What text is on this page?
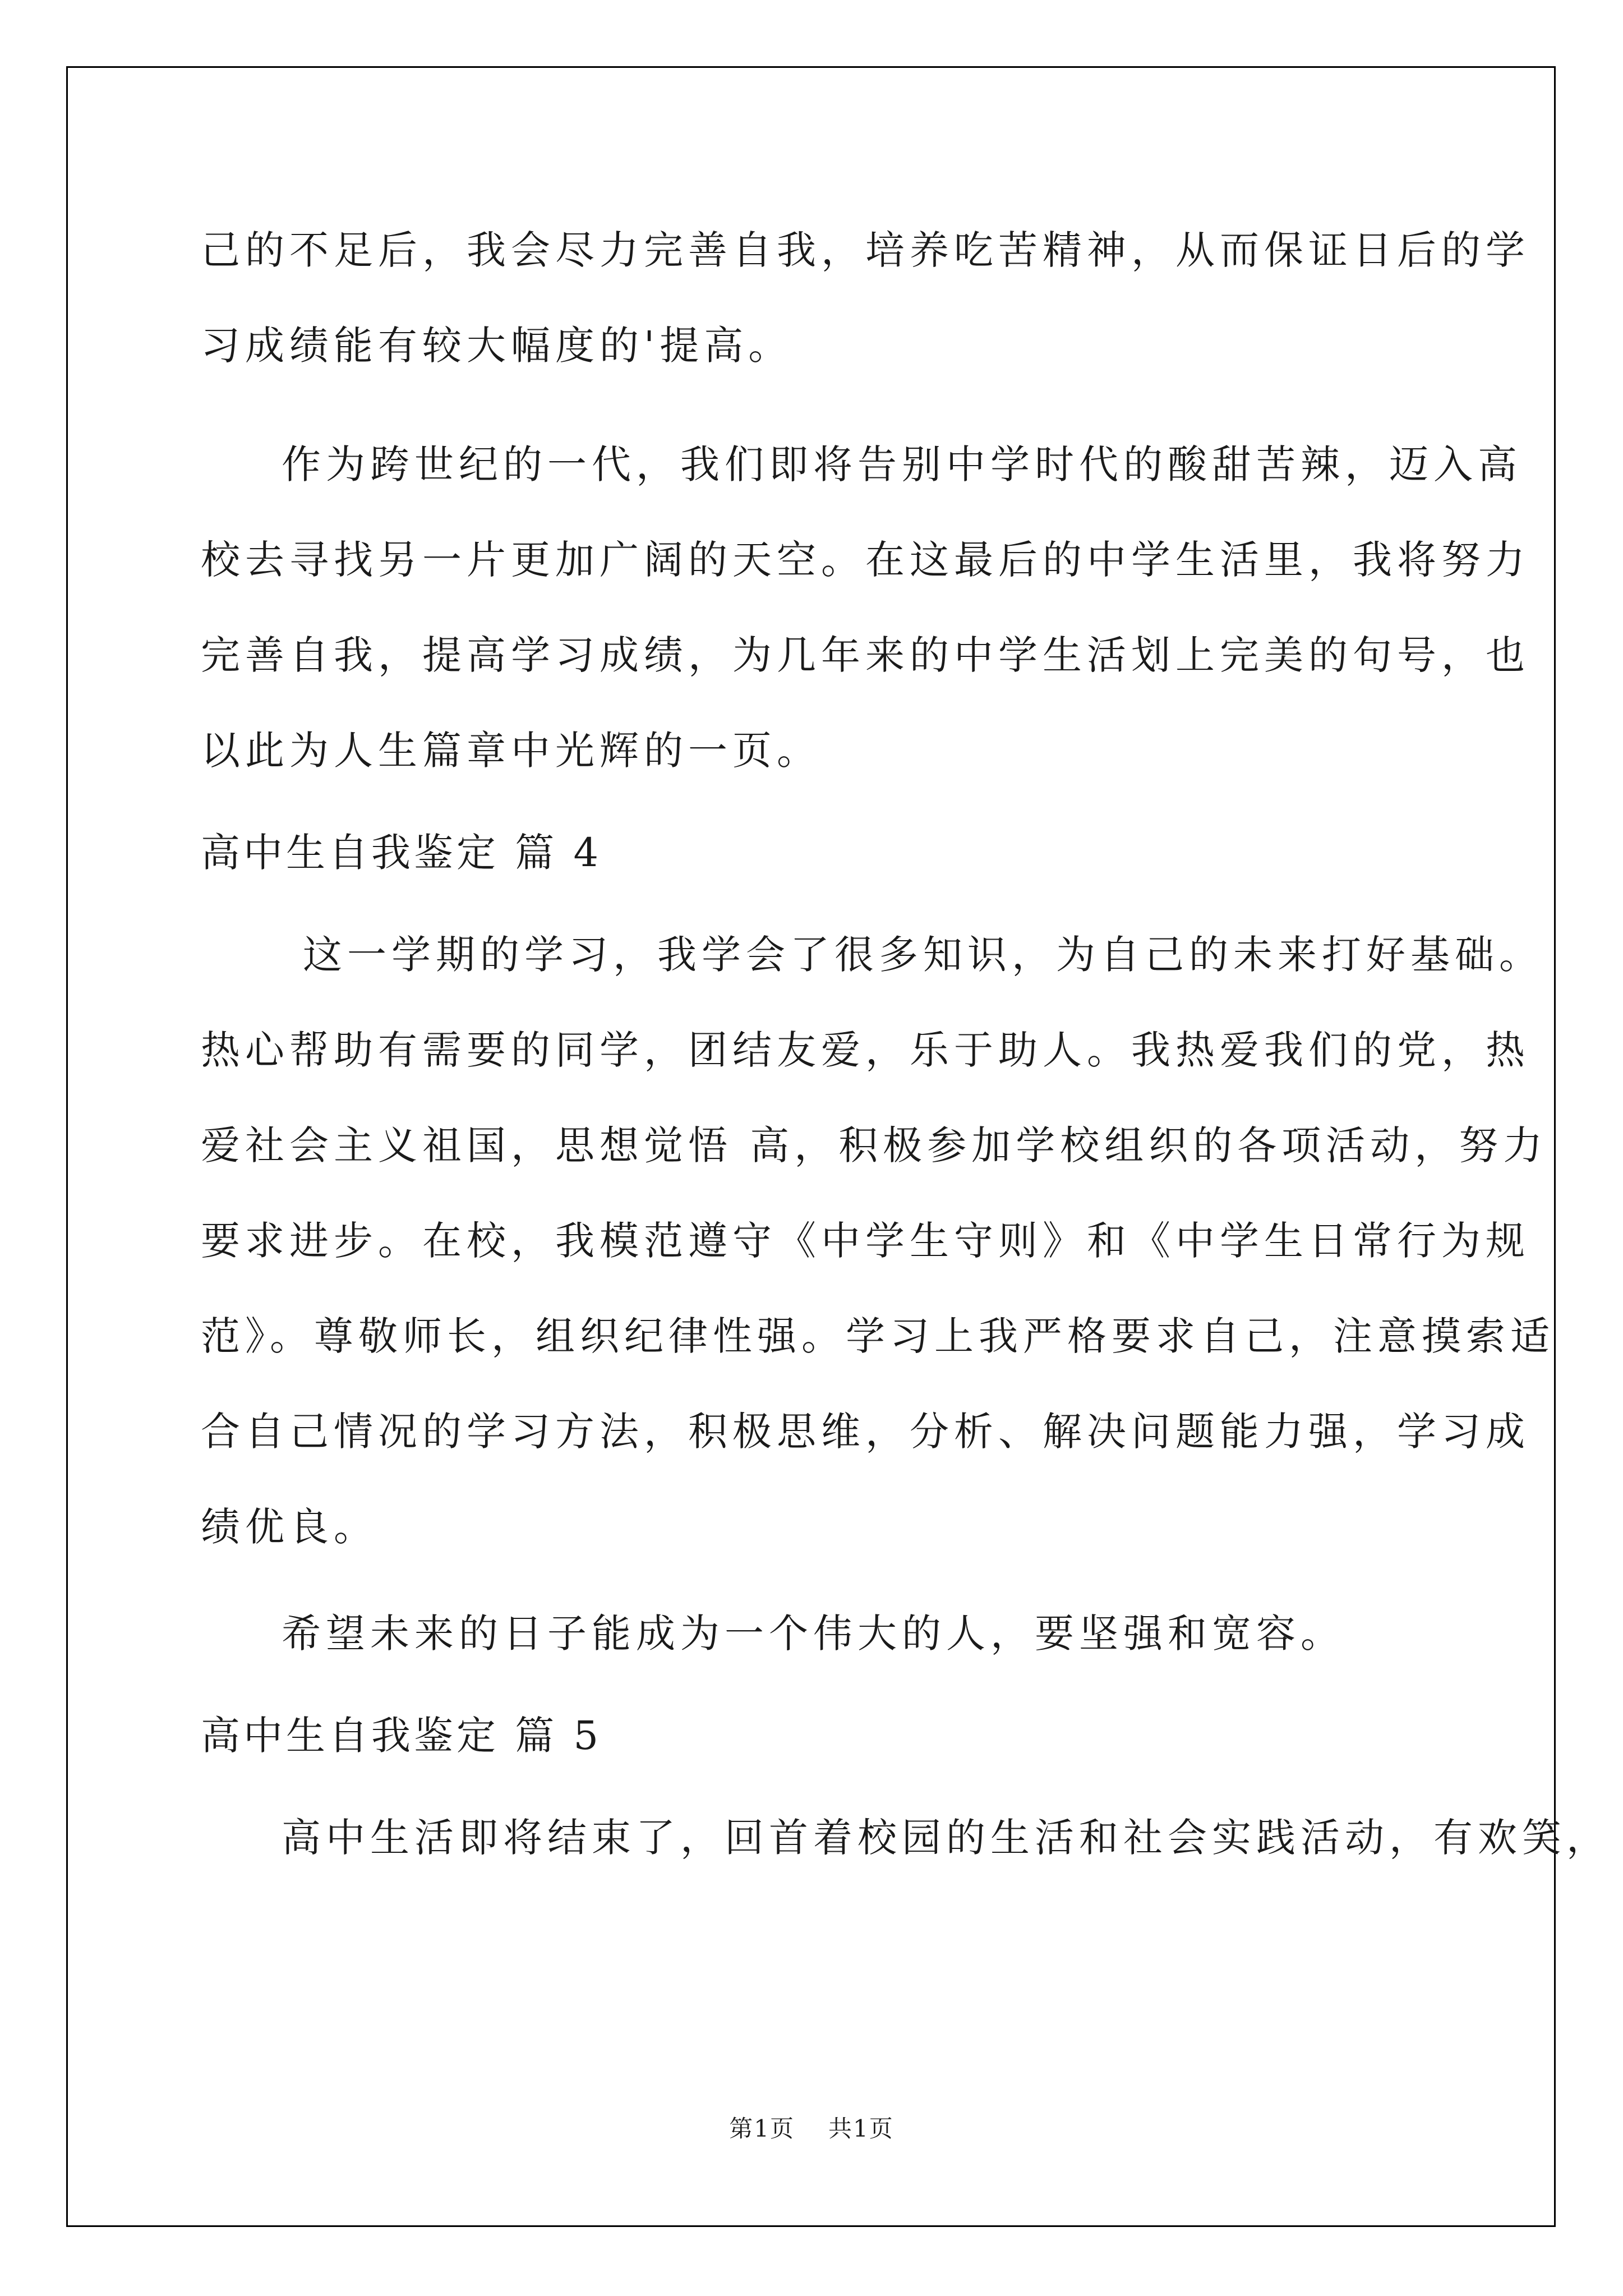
己的不足后，我会尽力完善自我，培养吃苦精神，从而保证日后的学
习成绩能有较大幅度的'提高。
作为跨世纪的一代，我们即将告别中学时代的酸甜苦辣，迈入高
校去寻找另一片更加广阔的天空。在这最后的中学生活里，我将努力
完善自我，提高学习成绩，为几年来的中学生活划上完美的句号，也
以此为人生篇章中光辉的一页。
高中生自我鉴定 篇 4
这一学期的学习，我学会了很多知识，为自己的未来打好基础。
热心帮助有需要的同学，团结友爱，乐于助人。我热爱我们的党，热
爱社会主义祖国，思想觉悟 高，积极参加学校组织的各项活动，努力
要求进步。在校，我模范遵守《中学生守则》和《中学生日常行为规
范》。尊敬师长，组织纪律性强。学习上我严格要求自己，注意摸索适
合自己情况的学习方法，积极思维，分析、解决问题能力强，学习成
绩优良。
希望未来的日子能成为一个伟大的人，要坚强和宽容。
高中生自我鉴定 篇 5
高中生活即将结束了，回首着校园的生活和社会实践活动，有欢笑，
第1页 共1页
